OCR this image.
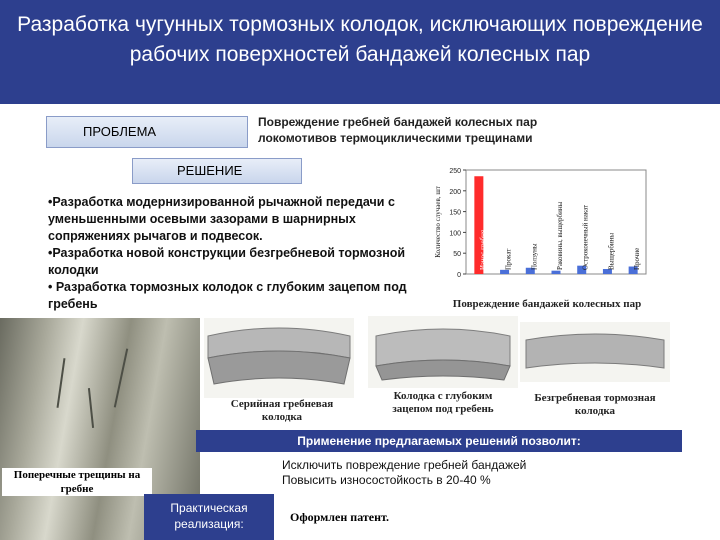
Разработка чугунных тормозных колодок, исключающих повреждение рабочих поверхностей бандажей колесных пар
ПРОБЛЕМА
Повреждение гребней бандажей колесных пар
локомотивов термоциклическими трещинами
РЕШЕНИЕ
•Разработка модернизированной рычажной передачи с уменьшенными осевыми зазорами в шарнирных сопряжениях рычагов и подвесок.
•Разработка новой конструкции безгребневой тормозной колодки
• Разработка тормозных колодок с глубоким зацепом под гребень
0
50
100
150
200
250
Количество случаев, шт	Износ гребня	Прокат	Ползуны	Раковины, выщербины	Остроконечный накат	Выщербины	Прочие
Повреждение бандажей колесных пар
Поперечные трещины на гребне
Серийная гребневая колодка
Колодка с глубоким зацепом под гребень
Безгребневая тормозная колодка
Применение предлагаемых решений позволит:
Исключить повреждение гребней бандажей
Повысить износостойкость в 20-40 %
Практическая реализация:	Оформлен патент.
